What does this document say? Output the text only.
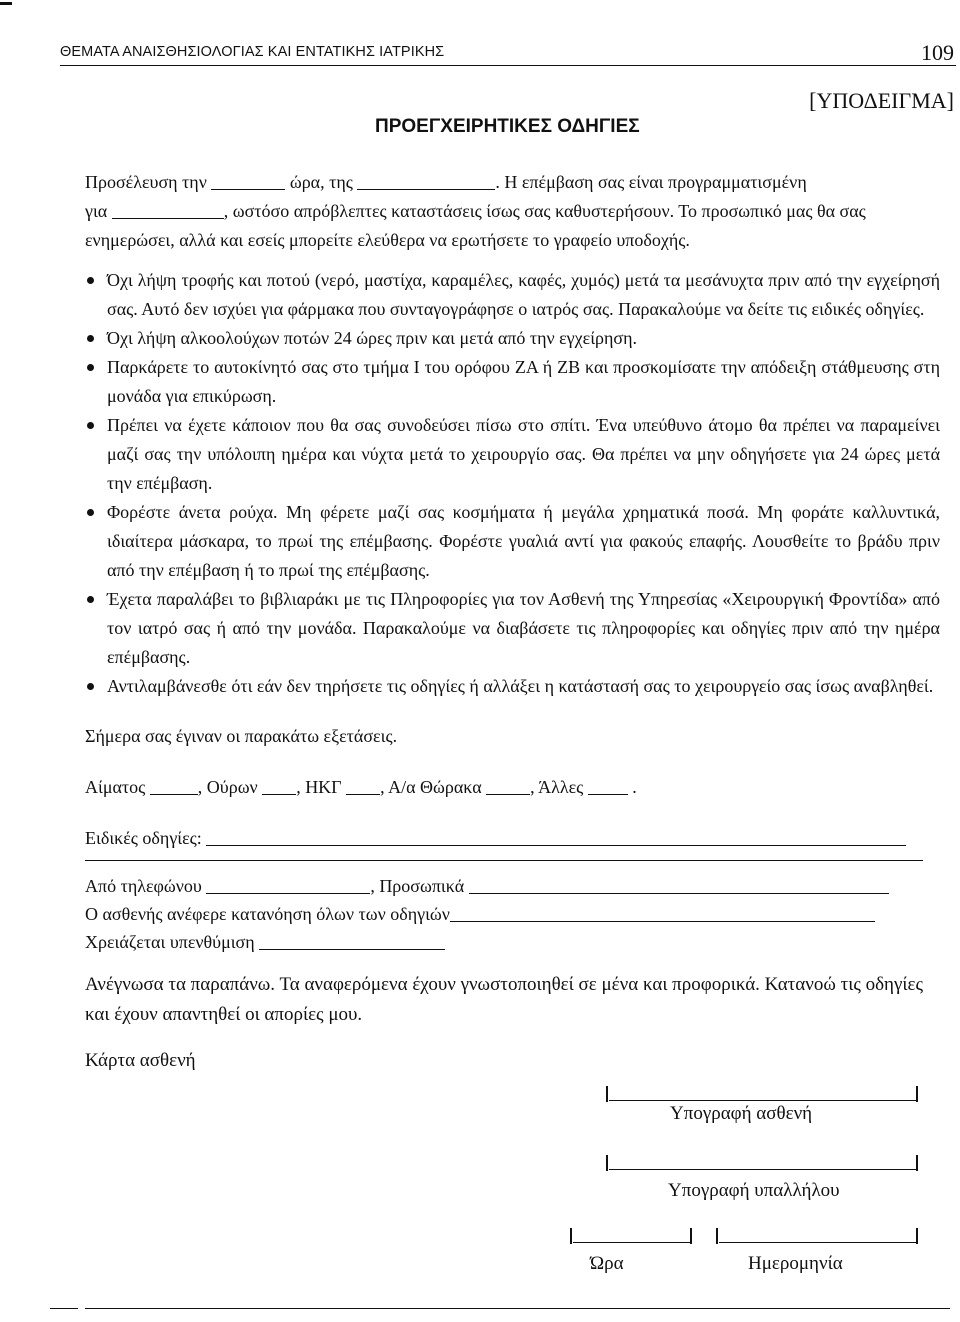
ΘΕΜΑΤΑ ΑΝΑΙΣΘΗΣΙΟΛΟΓΙΑΣ ΚΑΙ ΕΝΤΑΤΙΚΗΣ ΙΑΤΡΙΚΗΣ	109
[ΥΠΟΔΕΙΓΜΑ]
ΠΡΟΕΓΧΕΙΡΗΤΙΚΕΣ ΟΔΗΓΙΕΣ
Προσέλευση την	ώρα, της	. Η επέμβαση σας είναι προγραμματισμένη
για	, ωστόσο απρόβλεπτες καταστάσεις ίσως σας καθυστερήσουν. Το προσωπικό μας θα σας ενημερώσει, αλλά και εσείς μπορείτε ελεύθερα να ερωτήσετε το γραφείο υποδοχής.
Όχι λήψη τροφής και ποτού (νερό, μαστίχα, καραμέλες, καφές, χυμός) μετά τα μεσάνυχτα πριν από την εγχείρησή σας. Αυτό δεν ισχύει για φάρμακα που συνταγογράφησε ο ιατρός σας. Παρακαλούμε να δείτε τις ειδικές οδηγίες.
Όχι λήψη αλκοολούχων ποτών 24 ώρες πριν και μετά από την εγχείρηση.
Παρκάρετε το αυτοκίνητό σας στο τμήμα Ι του ορόφου ΖΑ ή ΖΒ και προσκομίσατε την απόδειξη στάθμευσης στη μονάδα για επικύρωση.
Πρέπει να έχετε κάποιον που θα σας συνοδεύσει πίσω στο σπίτι. Ένα υπεύθυνο άτομο θα πρέπει να παραμείνει μαζί σας την υπόλοιπη ημέρα και νύχτα μετά το χειρουργίο σας. Θα πρέπει να μην οδηγήσετε για 24 ώρες μετά την επέμβαση.
Φορέστε άνετα ρούχα. Μη φέρετε μαζί σας κοσμήματα ή μεγάλα χρηματικά ποσά. Μη φοράτε καλλυντικά, ιδιαίτερα μάσκαρα, το πρωί της επέμβασης. Φορέστε γυαλιά αντί για φακούς επαφής. Λουσθείτε το βράδυ πριν από την επέμβαση ή το πρωί της επέμβασης.
Έχετα παραλάβει το βιβλιαράκι με τις Πληροφορίες για τον Ασθενή της Υπηρεσίας «Χειρουργική Φροντίδα» από τον ιατρό σας ή από την μονάδα. Παρακαλούμε να διαβάσετε τις πληροφορίες και οδηγίες πριν από την ημέρα επέμβασης.
Αντιλαμβάνεσθε ότι εάν δεν τηρήσετε τις οδηγίες ή αλλάξει η κατάστασή σας το χειρουργείο σας ίσως αναβληθεί.
Σήμερα σας έγιναν οι παρακάτω εξετάσεις.
Αίματος	, Ούρων , ΗΚΓ , Α/α Θώρακα	, Άλλες	.
Ειδικές οδηγίες:
Από τηλεφώνου	, Προσωπικά
Ο ασθενής ανέφερε κατανόηση όλων των οδηγιών
Χρειάζεται υπενθύμιση
Ανέγνωσα τα παραπάνω. Τα αναφερόμενα έχουν γνωστοποιηθεί σε μένα και προφορικά. Κατανοώ τις οδηγίες και έχουν απαντηθεί οι απορίες μου.
Κάρτα ασθενή
Υπογραφή ασθενή
Υπογραφή υπαλλήλου
Ώρα	Ημερομηνία
